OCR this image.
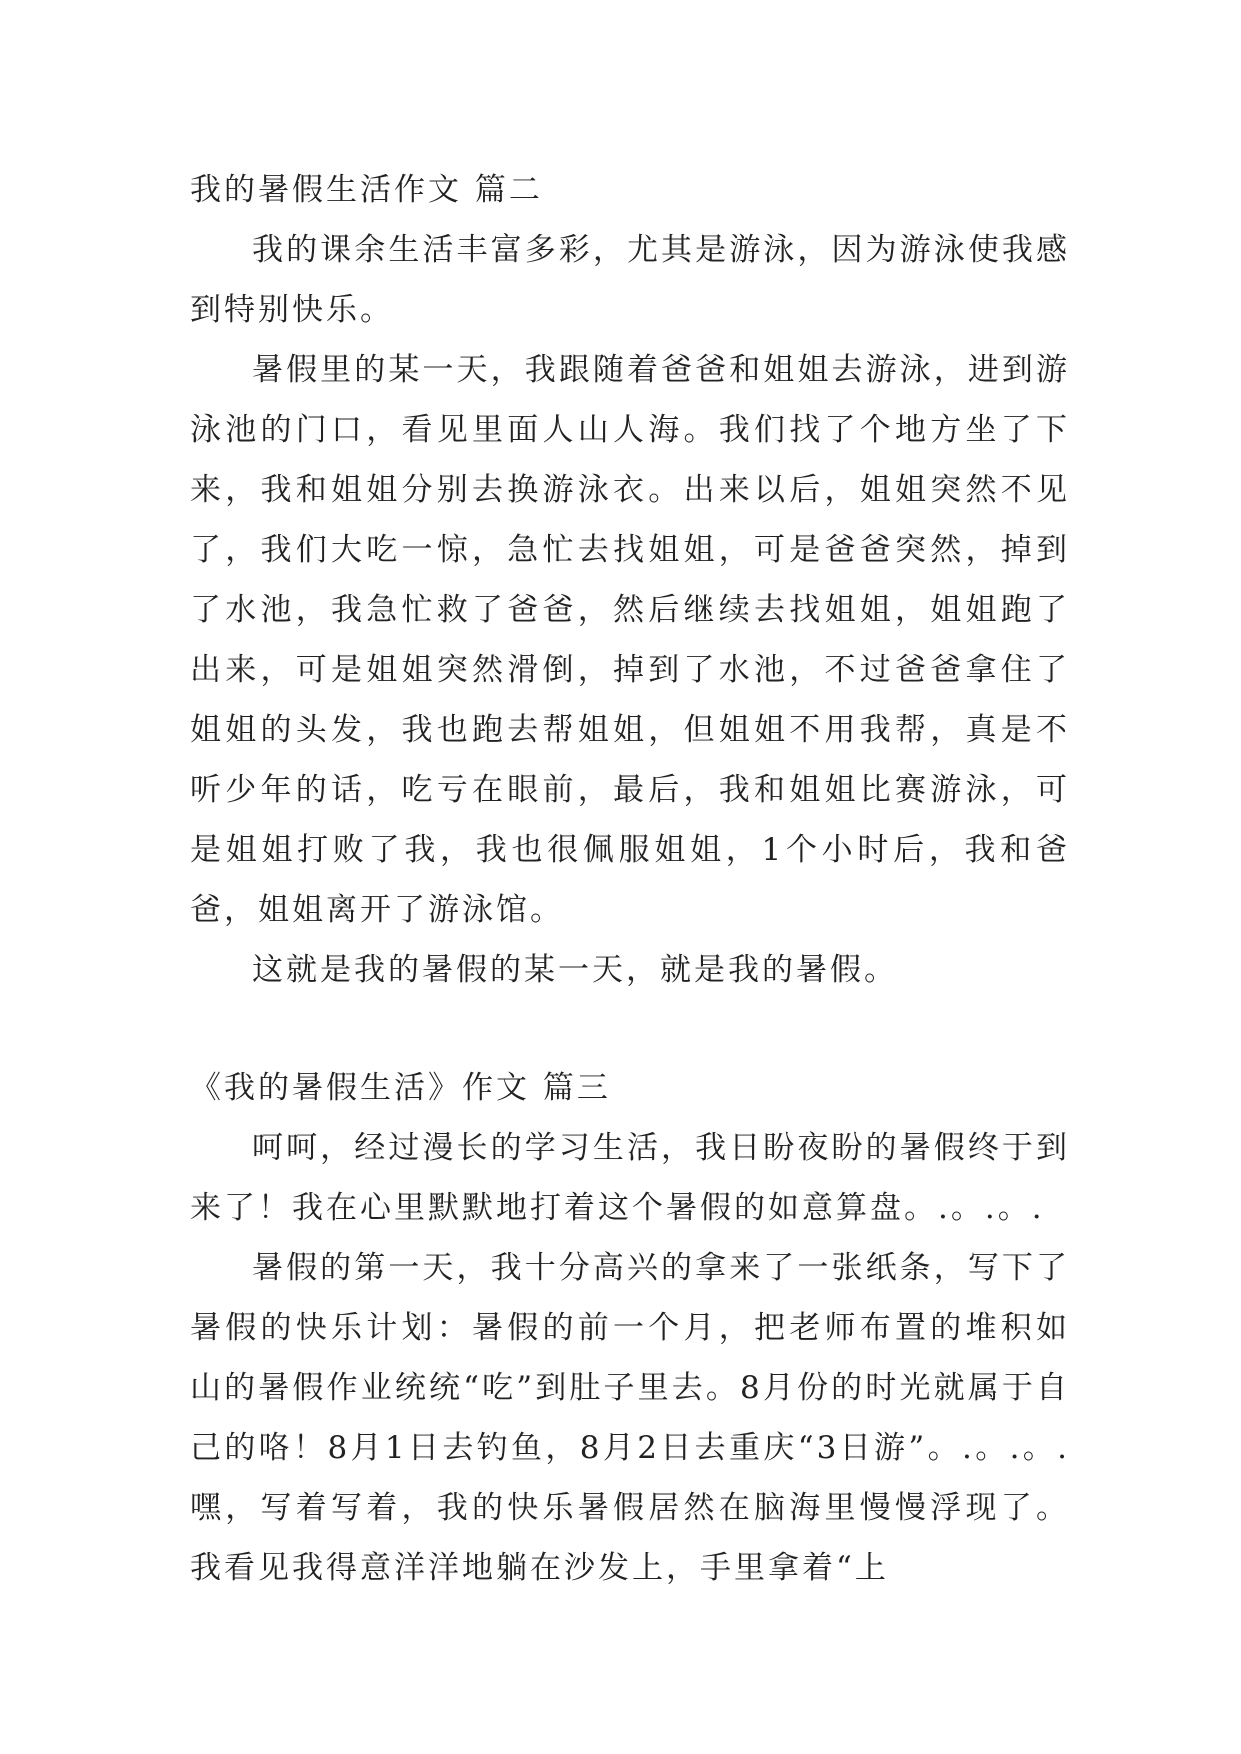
我的暑假生活作文 篇二

我的课余生活丰富多彩，尤其是游泳，因为游泳使我感到特别快乐。

暑假里的某一天，我跟随着爸爸和姐姐去游泳，进到游泳池的门口，看见里面人山人海。我们找了个地方坐了下来，我和姐姐分别去换游泳衣。出来以后，姐姐突然不见了，我们大吃一惊，急忙去找姐姐，可是爸爸突然，掉到了水池，我急忙救了爸爸，然后继续去找姐姐，姐姐跑了出来，可是姐姐突然滑倒，掉到了水池，不过爸爸拿住了姐姐的头发，我也跑去帮姐姐，但姐姐不用我帮，真是不听少年的话，吃亏在眼前，最后，我和姐姐比赛游泳，可是姐姐打败了我，我也很佩服姐姐，1个小时后，我和爸爸，姐姐离开了游泳馆。

这就是我的暑假的某一天，就是我的暑假。

《我的暑假生活》作文 篇三

呵呵，经过漫长的学习生活，我日盼夜盼的暑假终于到来了！我在心里默默地打着这个暑假的如意算盘。.。.。.

暑假的第一天，我十分高兴的拿来了一张纸条，写下了暑假的快乐计划：暑假的前一个月，把老师布置的堆积如山的暑假作业统统“吃”到肚子里去。8月份的时光就属于自己的咯！8月1日去钓鱼，8月2日去重庆“3日游”。.。.。.嘿，写着写着，我的快乐暑假居然在脑海里慢慢浮现了。我看见我得意洋洋地躺在沙发上，手里拿着“上
